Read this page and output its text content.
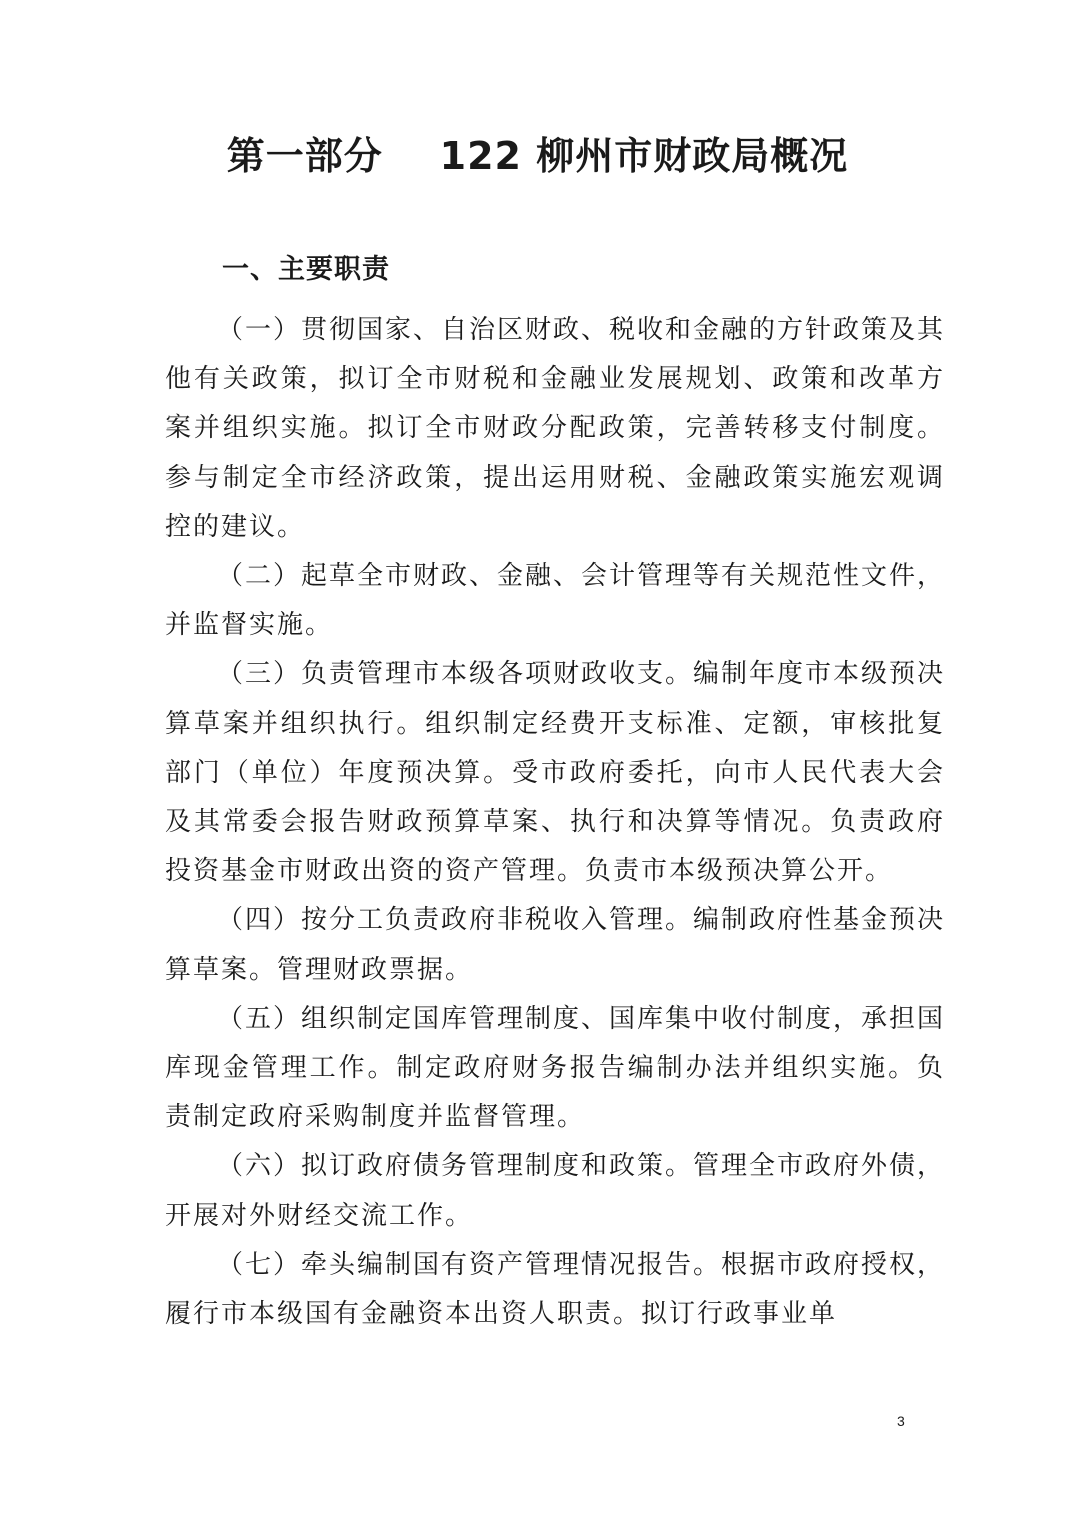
第一部分    122 柳州市财政局概况
一、主要职责

（一）贯彻国家、自治区财政、税收和金融的方针政策及其他有关政策，拟订全市财税和金融业发展规划、政策和改革方案并组织实施。拟订全市财政分配政策，完善转移支付制度。参与制定全市经济政策，提出运用财税、金融政策实施宏观调控的建议。

（二）起草全市财政、金融、会计管理等有关规范性文件，并监督实施。

（三）负责管理市本级各项财政收支。编制年度市本级预决算草案并组织执行。组织制定经费开支标准、定额，审核批复部门（单位）年度预决算。受市政府委托，向市人民代表大会及其常委会报告财政预算草案、执行和决算等情况。负责政府投资基金市财政出资的资产管理。负责市本级预决算公开。

（四）按分工负责政府非税收入管理。编制政府性基金预决算草案。管理财政票据。

（五）组织制定国库管理制度、国库集中收付制度，承担国库现金管理工作。制定政府财务报告编制办法并组织实施。负责制定政府采购制度并监督管理。

（六）拟订政府债务管理制度和政策。管理全市政府外债，开展对外财经交流工作。

（七）牵头编制国有资产管理情况报告。根据市政府授权，履行市本级国有金融资本出资人职责。拟订行政事业单

3
